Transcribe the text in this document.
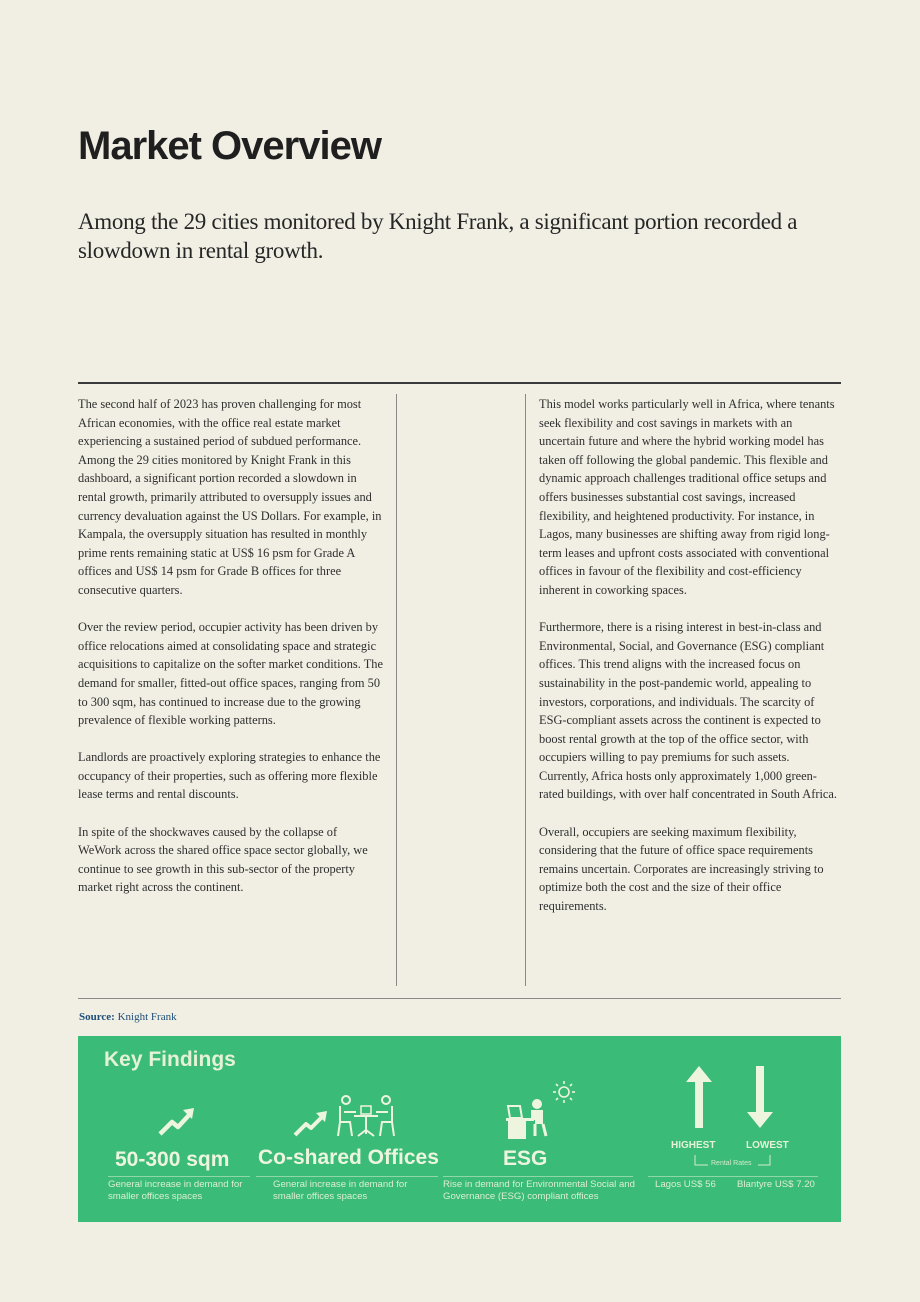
Market Overview
Among the 29 cities monitored by Knight Frank, a significant portion recorded a slowdown in rental growth.

The second half of 2023 has proven challenging for most African economies, with the office real estate market experiencing a sustained period of subdued performance. Among the 29 cities monitored by Knight Frank in this dashboard, a significant portion recorded a slowdown in rental growth, primarily attributed to oversupply issues and currency devaluation against the US Dollars. For example, in Kampala, the oversupply situation has resulted in monthly prime rents remaining static at US$ 16 psm for Grade A offices and US$ 14 psm for Grade B offices for three consecutive quarters.

Over the review period, occupier activity has been driven by office relocations aimed at consolidating space and strategic acquisitions to capitalize on the softer market conditions. The demand for smaller, fitted-out office spaces, ranging from 50 to 300 sqm, has continued to increase due to the growing prevalence of flexible working patterns.

Landlords are proactively exploring strategies to enhance the occupancy of their properties, such as offering more flexible lease terms and rental discounts.

In spite of the shockwaves caused by the collapse of WeWork across the shared office space sector globally, we continue to see growth in this sub-sector of the property market right across the continent.

This model works particularly well in Africa, where tenants seek flexibility and cost savings in markets with an uncertain future and where the hybrid working model has taken off following the global pandemic. This flexible and dynamic approach challenges traditional office setups and offers businesses substantial cost savings, increased flexibility, and heightened productivity. For instance, in Lagos, many businesses are shifting away from rigid long-term leases and upfront costs associated with conventional offices in favour of the flexibility and cost-efficiency inherent in coworking spaces.

Furthermore, there is a rising interest in best-in-class and Environmental, Social, and Governance (ESG) compliant offices. This trend aligns with the increased focus on sustainability in the post-pandemic world, appealing to investors, corporations, and individuals. The scarcity of ESG-compliant assets across the continent is expected to boost rental growth at the top of the office sector, with occupiers willing to pay premiums for such assets. Currently, Africa hosts only approximately 1,000 green-rated buildings, with over half concentrated in South Africa.

Overall, occupiers are seeking maximum flexibility, considering that the future of office space requirements remains uncertain. Corporates are increasingly striving to optimize both the cost and the size of their office requirements.

Source: Knight Frank
Key Findings
50-300 sqm
General increase in demand for smaller offices spaces
Co-shared Offices
General increase in demand for smaller offices spaces
ESG
Rise in demand for Environmental Social and Governance (ESG) compliant offices
HIGHEST	LOWEST
Rental Rates
Lagos US$ 56 Blantyre US$ 7.20
